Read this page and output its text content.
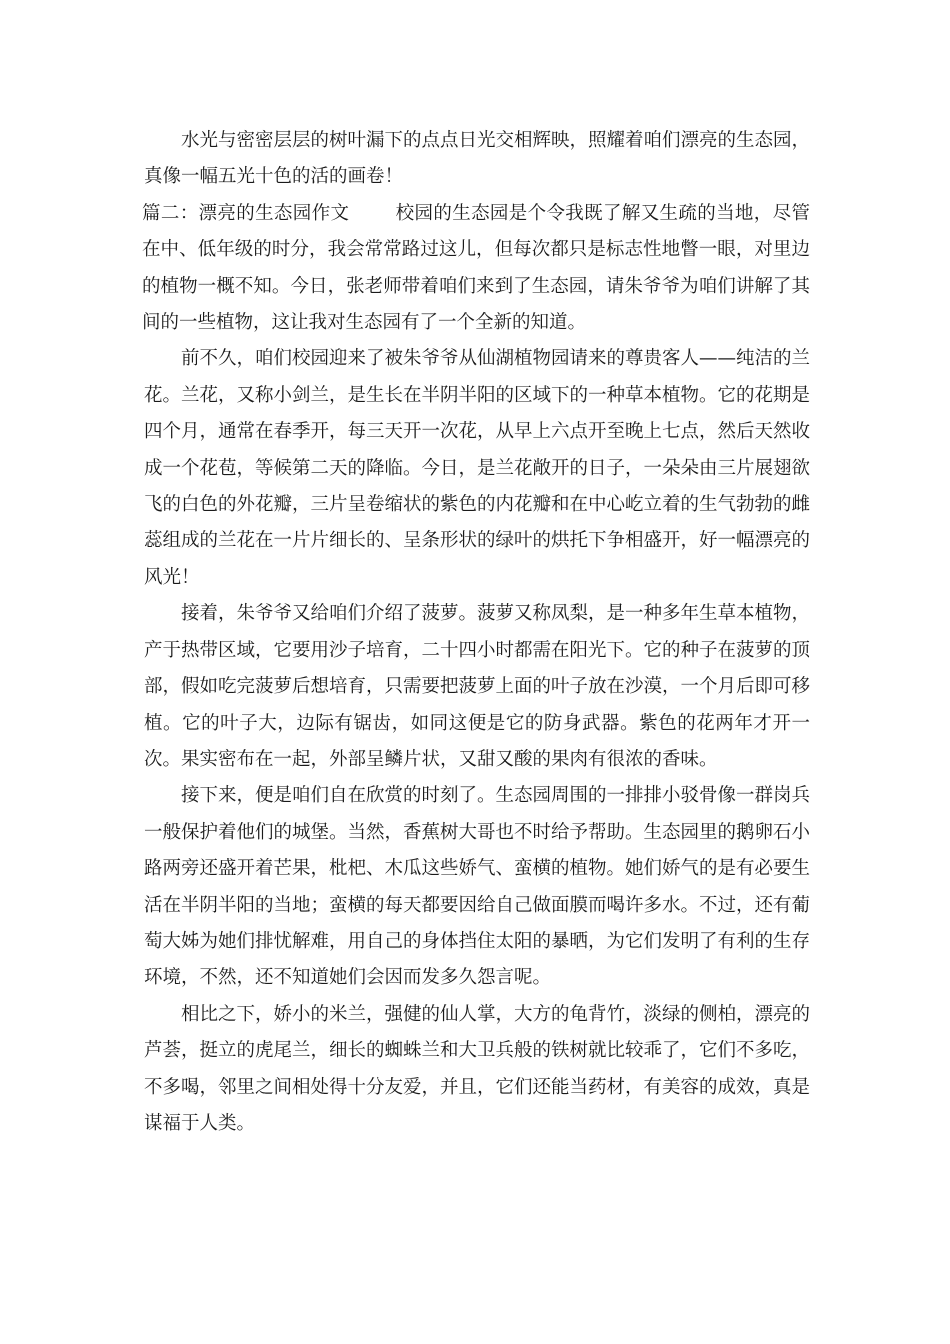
水光与密密层层的树叶漏下的点点日光交相辉映，照耀着咱们漂亮的生态园，真像一幅五光十色的活的画卷！

篇二：漂亮的生态园作文 校园的生态园是个令我既了解又生疏的当地，尽管在中、低年级的时分，我会常常路过这儿，但每次都只是标志性地瞥一眼，对里边的植物一概不知。今日，张老师带着咱们来到了生态园，请朱爷爷为咱们讲解了其间的一些植物，这让我对生态园有了一个全新的知道。

前不久，咱们校园迎来了被朱爷爷从仙湖植物园请来的尊贵客人——纯洁的兰花。兰花，又称小剑兰，是生长在半阴半阳的区域下的一种草本植物。它的花期是四个月，通常在春季开，每三天开一次花，从早上六点开至晚上七点，然后天然收成一个花苞，等候第二天的降临。今日，是兰花敞开的日子，一朵朵由三片展翅欲飞的白色的外花瓣，三片呈卷缩状的紫色的内花瓣和在中心屹立着的生气勃勃的雌蕊组成的兰花在一片片细长的、呈条形状的绿叶的烘托下争相盛开，好一幅漂亮的风光！

接着，朱爷爷又给咱们介绍了菠萝。菠萝又称凤梨，是一种多年生草本植物，产于热带区域，它要用沙子培育，二十四小时都需在阳光下。它的种子在菠萝的顶部，假如吃完菠萝后想培育，只需要把菠萝上面的叶子放在沙漠，一个月后即可移植。它的叶子大，边际有锯齿，如同这便是它的防身武器。紫色的花两年才开一次。果实密布在一起，外部呈鳞片状，又甜又酸的果肉有很浓的香味。

接下来，便是咱们自在欣赏的时刻了。生态园周围的一排排小驳骨像一群岗兵一般保护着他们的城堡。当然，香蕉树大哥也不时给予帮助。生态园里的鹅卵石小路两旁还盛开着芒果，枇杷、木瓜这些娇气、蛮横的植物。她们娇气的是有必要生活在半阴半阳的当地；蛮横的每天都要因给自己做面膜而喝许多水。不过，还有葡萄大姊为她们排忧解难，用自己的身体挡住太阳的暴晒，为它们发明了有利的生存环境，不然，还不知道她们会因而发多久怨言呢。

相比之下，娇小的米兰，强健的仙人掌，大方的龟背竹，淡绿的侧柏，漂亮的芦荟，挺立的虎尾兰，细长的蜘蛛兰和大卫兵般的铁树就比较乖了，它们不多吃，不多喝，邻里之间相处得十分友爱，并且，它们还能当药材，有美容的成效，真是谋福于人类。
